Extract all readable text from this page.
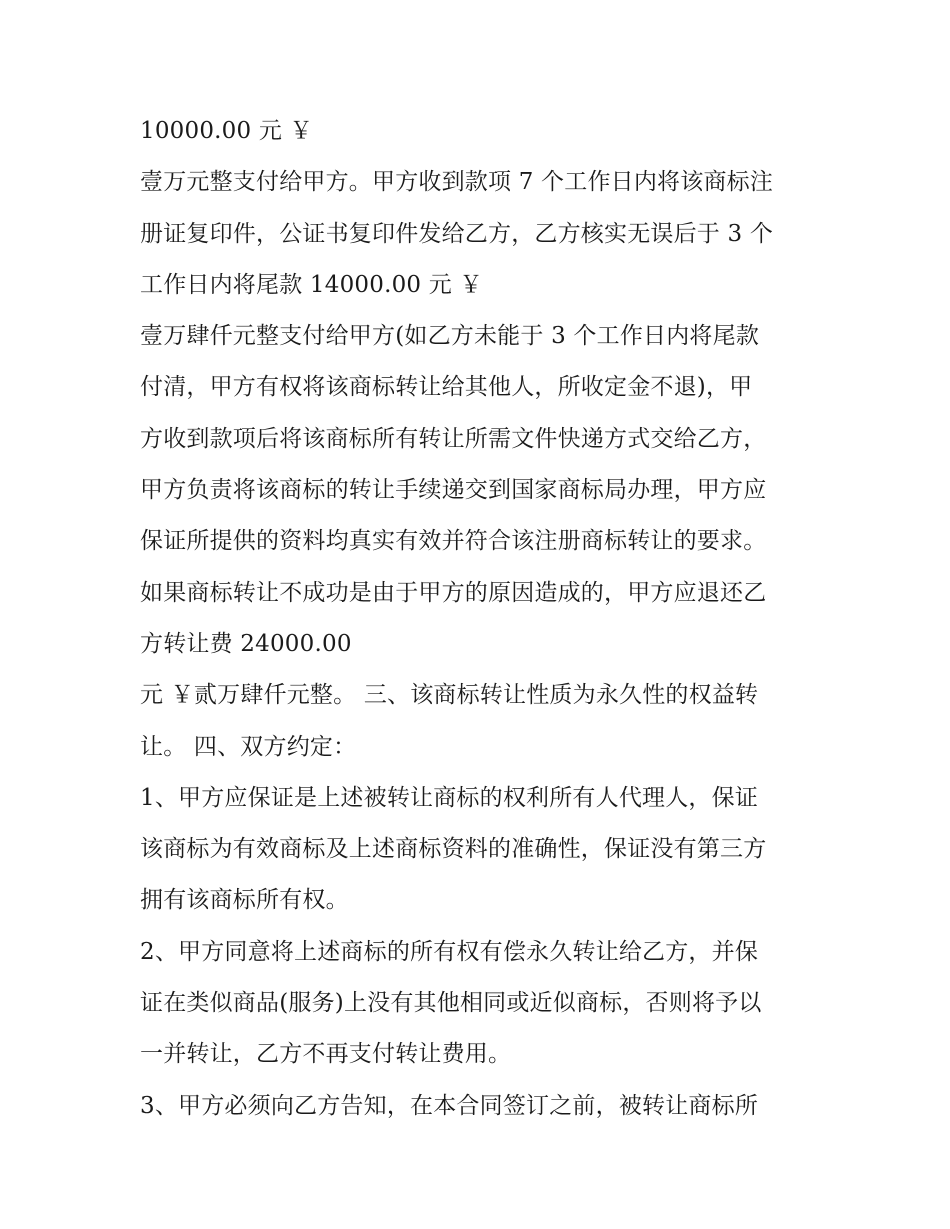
10000.00 元 ￥
壹万元整支付给甲方。甲方收到款项 7 个工作日内将该商标注
册证复印件，公证书复印件发给乙方，乙方核实无误后于 3 个
工作日内将尾款 14000.00 元 ￥
壹万肆仟元整支付给甲方(如乙方未能于 3 个工作日内将尾款
付清，甲方有权将该商标转让给其他人，所收定金不退)，甲
方收到款项后将该商标所有转让所需文件快递方式交给乙方，
甲方负责将该商标的转让手续递交到国家商标局办理，甲方应
保证所提供的资料均真实有效并符合该注册商标转让的要求。
如果商标转让不成功是由于甲方的原因造成的，甲方应退还乙
方转让费 24000.00
元 ￥贰万肆仟元整。 三、该商标转让性质为永久性的权益转
让。 四、双方约定：
1、甲方应保证是上述被转让商标的权利所有人代理人，保证
该商标为有效商标及上述商标资料的准确性，保证没有第三方
拥有该商标所有权。
2、甲方同意将上述商标的所有权有偿永久转让给乙方，并保
证在类似商品(服务)上没有其他相同或近似商标，否则将予以
一并转让，乙方不再支付转让费用。
3、甲方必须向乙方告知，在本合同签订之前，被转让商标所
